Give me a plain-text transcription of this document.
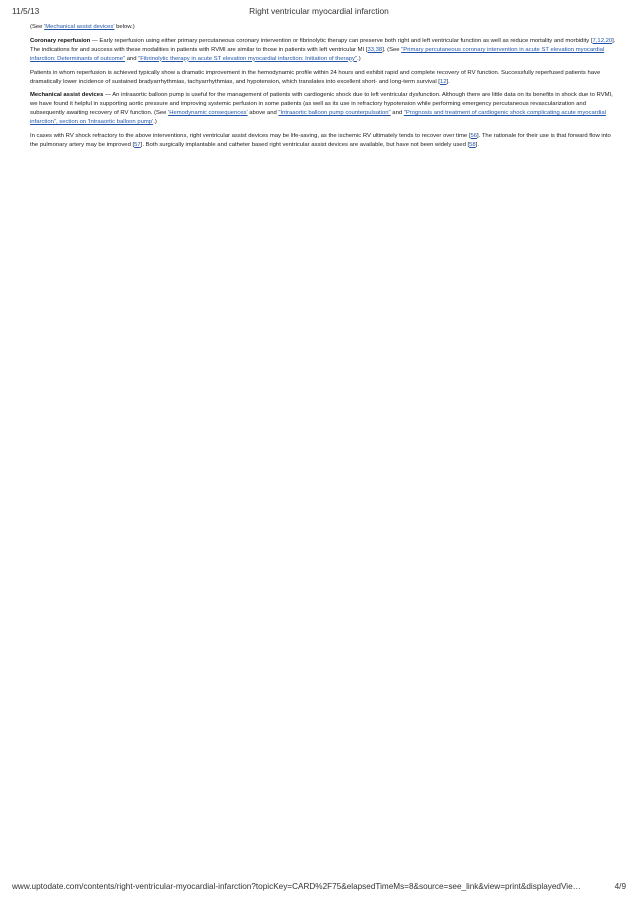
11/5/13	Right ventricular myocardial infarction

(See 'Mechanical assist devices' below.)

Coronary reperfusion — Early reperfusion using either primary percutaneous coronary intervention or fibrinolytic therapy can preserve both right and left ventricular function as well as reduce mortality and morbidity [7,12,20]. The indications for and success with these modalities in patients with RVMI are similar to those in patients with left ventricular MI [33,38]. (See "Primary percutaneous coronary intervention in acute ST elevation myocardial infarction: Determinants of outcome" and "Fibrinolytic therapy in acute ST elevation myocardial infarction: Initiation of therapy".)

Patients in whom reperfusion is achieved typically show a dramatic improvement in the hemodynamic profile within 24 hours and exhibit rapid and complete recovery of RV function. Successfully reperfused patients have dramatically lower incidence of sustained bradyarrhythmias, tachyarrhythmias, and hypotension, which translates into excellent short- and long-term survival [12].

Mechanical assist devices — An intraaortic balloon pump is useful for the management of patients with cardiogenic shock due to left ventricular dysfunction. Although there are little data on its benefits in shock due to RVMI, we have found it helpful in supporting aortic pressure and improving systemic perfusion in some patients (as well as its use in refractory hypotension while performing emergency percutaneous revascularization and subsequently awaiting recovery of RV function. (See 'Hemodynamic consequences' above and "Intraaortic balloon pump counterpulsation" and "Prognosis and treatment of cardiogenic shock complicating acute myocardial infarction", section on 'Intraaortic balloon pump'.)

In cases with RV shock refractory to the above interventions, right ventricular assist devices may be life-saving, as the ischemic RV ultimately tends to recover over time [56]. The rationale for their use is that forward flow into the pulmonary artery may be improved [57]. Both surgically implantable and catheter based right ventricular assist devices are available, but have not been widely used [58].

www.uptodate.com/contents/right-ventricular-myocardial-infarction?topicKey=CARD%2F75&elapsedTimeMs=8&source=see_link&view=print&displayedVie…	4/9
